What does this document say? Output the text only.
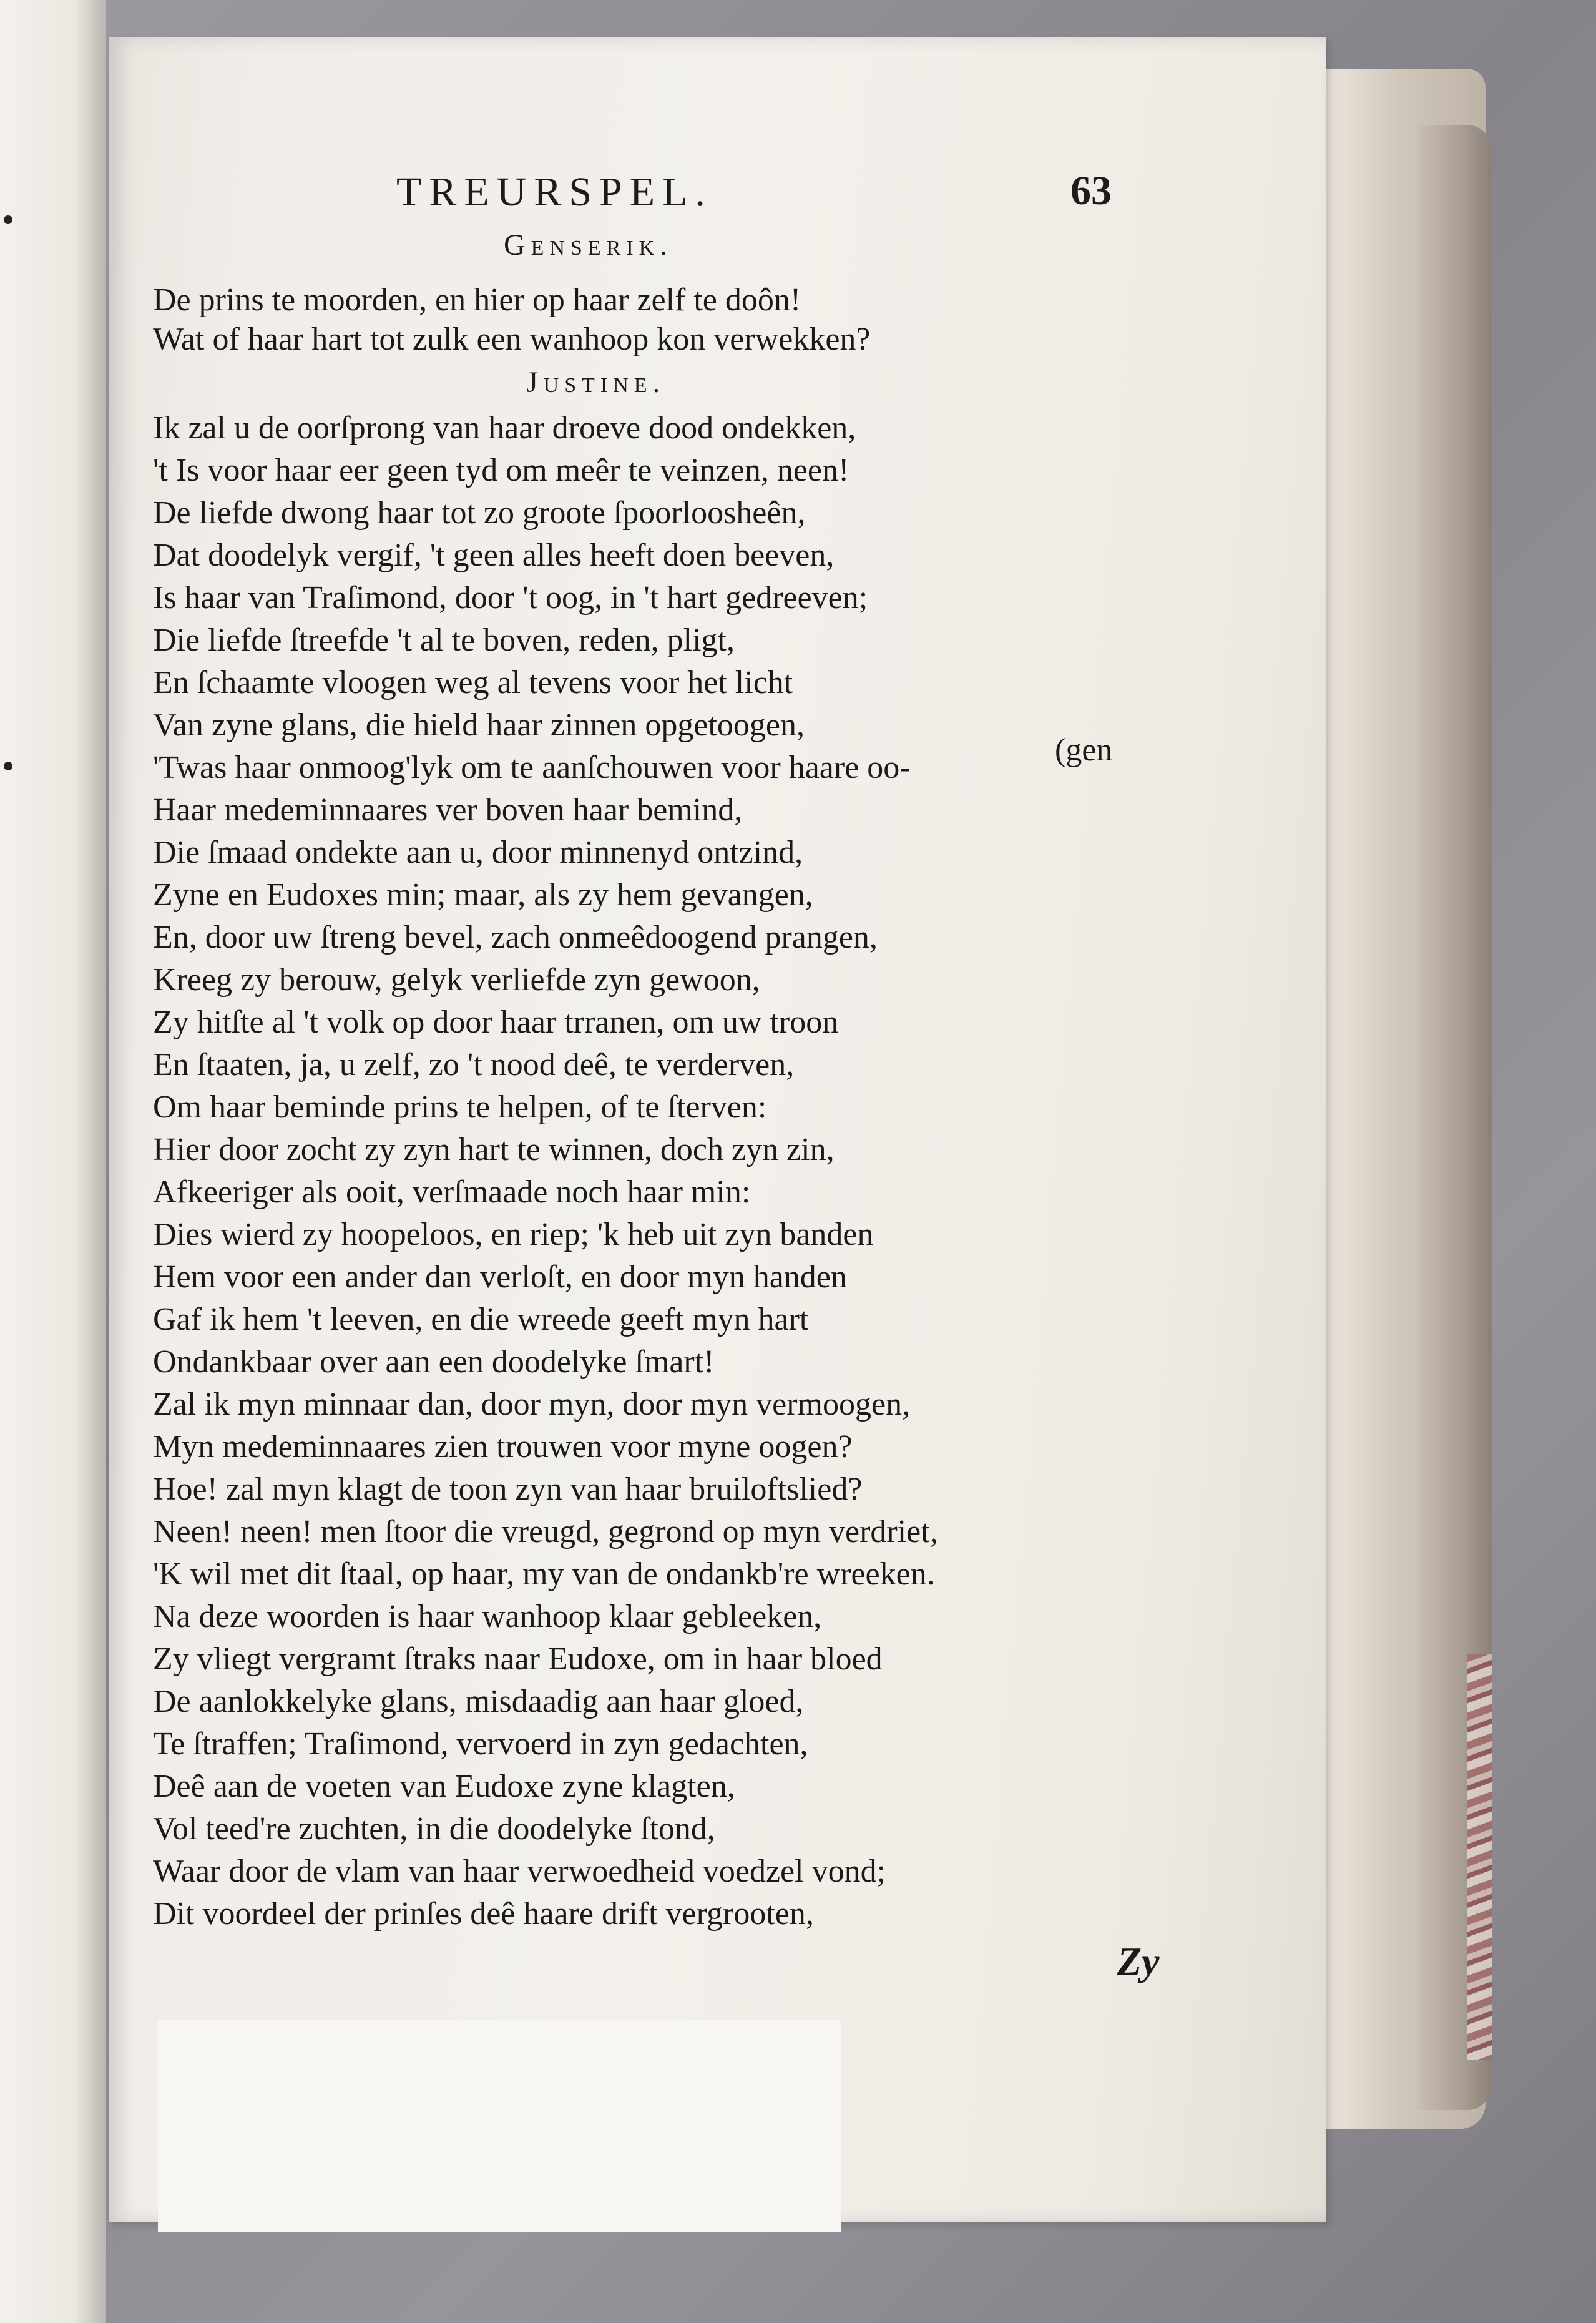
TREURSPEL.	63
Genserik.
De prins te moorden, en hier op haar zelf te doôn!
Wat of haar hart tot zulk een wanhoop kon verwekken?
Justine.
Ik zal u de oorſprong van haar droeve dood ondekken,
't Is voor haar eer geen tyd om meêr te veinzen, neen!
De liefde dwong haar tot zo groote ſpoorloosheên,
Dat doodelyk vergif, 't geen alles heeft doen beeven,
Is haar van Traſimond, door 't oog, in 't hart gedreeven;
Die liefde ſtreefde 't al te boven, reden, pligt,
En ſchaamte vloogen weg al tevens voor het licht
Van zyne glans, die hield haar zinnen opgetoogen,
(gen
'Twas haar onmoog'lyk om te aanſchouwen voor haare oo-
Haar medeminnaares ver boven haar bemind,
Die ſmaad ondekte aan u, door minnenyd ontzind,
Zyne en Eudoxes min; maar, als zy hem gevangen,
En, door uw ſtreng bevel, zach onmeêdoogend prangen,
Kreeg zy berouw, gelyk verliefde zyn gewoon,
Zy hitſte al 't volk op door haar trranen, om uw troon
En ſtaaten, ja, u zelf, zo 't nood deê, te verderven,
Om haar beminde prins te helpen, of te ſterven:
Hier door zocht zy zyn hart te winnen, doch zyn zin,
Afkeeriger als ooit, verſmaade noch haar min:
Dies wierd zy hoopeloos, en riep; 'k heb uit zyn banden
Hem voor een ander dan verloſt, en door myn handen
Gaf ik hem 't leeven, en die wreede geeft myn hart
Ondankbaar over aan een doodelyke ſmart!
Zal ik myn minnaar dan, door myn, door myn vermoogen,
Myn medeminnaares zien trouwen voor myne oogen?
Hoe! zal myn klagt de toon zyn van haar bruiloftslied?
Neen! neen! men ſtoor die vreugd, gegrond op myn verdriet,
'K wil met dit ſtaal, op haar, my van de ondankb're wreeken.
Na deze woorden is haar wanhoop klaar gebleeken,
Zy vliegt vergramt ſtraks naar Eudoxe, om in haar bloed
De aanlokkelyke glans, misdaadig aan haar gloed,
Te ſtraffen; Traſimond, vervoerd in zyn gedachten,
Deê aan de voeten van Eudoxe zyne klagten,
Vol teed're zuchten, in die doodelyke ſtond,
Waar door de vlam van haar verwoedheid voedzel vond;
Dit voordeel der prinſes deê haare drift vergrooten,
Zy
